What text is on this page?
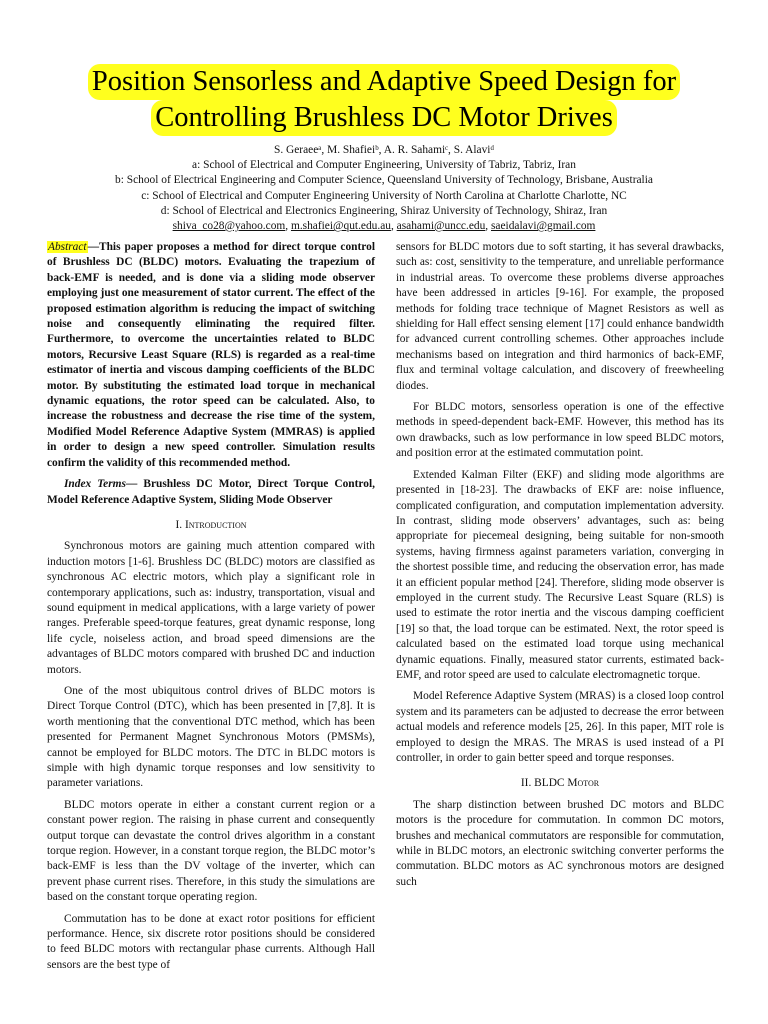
Position Sensorless and Adaptive Speed Design for
Controlling Brushless DC Motor Drives
S. Geraeeᵃ, M. Shafieiᵇ, A. R. Sahamiᶜ, S. Alaviᵈ
a: School of Electrical and Computer Engineering, University of Tabriz, Tabriz, Iran
b: School of Electrical Engineering and Computer Science, Queensland University of Technology, Brisbane, Australia
c: School of Electrical and Computer Engineering University of North Carolina at Charlotte Charlotte, NC
d: School of Electrical and Electronics Engineering, Shiraz University of Technology, Shiraz, Iran
shiva_co28@yahoo.com, m.shafiei@qut.edu.au, asahami@uncc.edu, saeidalavi@gmail.com

Abstract—This paper proposes a method for direct torque control of Brushless DC (BLDC) motors. Evaluating the trapezium of back-EMF is needed, and is done via a sliding mode observer employing just one measurement of stator current. The effect of the proposed estimation algorithm is reducing the impact of switching noise and consequently eliminating the required filter. Furthermore, to overcome the uncertainties related to BLDC motors, Recursive Least Square (RLS) is regarded as a real-time estimator of inertia and viscous damping coefficients of the BLDC motor. By substituting the estimated load torque in mechanical dynamic equations, the rotor speed can be calculated. Also, to increase the robustness and decrease the rise time of the system, Modified Model Reference Adaptive System (MMRAS) is applied in order to design a new speed controller. Simulation results confirm the validity of this recommended method.

Index Terms— Brushless DC Motor, Direct Torque Control, Model Reference Adaptive System, Sliding Mode Observer

I. Introduction

Synchronous motors are gaining much attention compared with induction motors [1-6]. Brushless DC (BLDC) motors are classified as synchronous AC electric motors, which play a significant role in contemporary applications, such as: industry, transportation, visual and sound equipment in medical applications, with a large variety of power ranges. Preferable speed-torque features, great dynamic response, long life cycle, noiseless action, and broad speed dimensions are the advantages of BLDC motors compared with brushed DC and induction motors.

One of the most ubiquitous control drives of BLDC motors is Direct Torque Control (DTC), which has been presented in [7,8]. It is worth mentioning that the conventional DTC method, which has been presented for Permanent Magnet Synchronous Motors (PMSMs), cannot be employed for BLDC motors. The DTC in BLDC motors is simple with high dynamic torque responses and low sensitivity to parameter variations.

BLDC motors operate in either a constant current region or a constant power region. The raising in phase current and consequently output torque can devastate the control drives algorithm in a constant torque region. However, in a constant torque region, the BLDC motor’s back-EMF is less than the DV voltage of the inverter, which can prevent phase current rises. Therefore, in this study the simulations are based on the constant torque operating region.

Commutation has to be done at exact rotor positions for efficient performance. Hence, six discrete rotor positions should be considered to feed BLDC motors with rectangular phase currents. Although Hall sensors are the best type of

sensors for BLDC motors due to soft starting, it has several drawbacks, such as: cost, sensitivity to the temperature, and unreliable performance in industrial areas. To overcome these problems diverse approaches have been addressed in articles [9-16]. For example, the proposed methods for folding trace technique of Magnet Resistors as well as shielding for Hall effect sensing element [17] could enhance bandwidth for advanced current controlling schemes. Other approaches include mechanisms based on integration and third harmonics of back-EMF, flux and terminal voltage calculation, and discovery of freewheeling diodes.

For BLDC motors, sensorless operation is one of the effective methods in speed-dependent back-EMF. However, this method has its own drawbacks, such as low performance in low speed BLDC motors, and position error at the estimated commutation point.

Extended Kalman Filter (EKF) and sliding mode algorithms are presented in [18-23]. The drawbacks of EKF are: noise influence, complicated configuration, and computation implementation adversity. In contrast, sliding mode observers’ advantages, such as: being appropriate for piecemeal designing, being suitable for non-smooth systems, having firmness against parameters variation, converging in the shortest possible time, and reducing the observation error, has made it an efficient popular method [24]. Therefore, sliding mode observer is employed in the current study. The Recursive Least Square (RLS) is used to estimate the rotor inertia and the viscous damping coefficient [19] so that, the load torque can be estimated. Next, the rotor speed is calculated based on the estimated load torque using mechanical dynamic equations. Finally, measured stator currents, estimated back-EMF, and rotor speed are used to calculate electromagnetic torque.

Model Reference Adaptive System (MRAS) is a closed loop control system and its parameters can be adjusted to decrease the error between actual models and reference models [25, 26]. In this paper, MIT role is employed to design the MRAS. The MRAS is used instead of a PI controller, in order to gain better speed and torque responses.

II. BLDC Motor

The sharp distinction between brushed DC motors and BLDC motors is the procedure for commutation. In common DC motors, brushes and mechanical commutators are responsible for commutation, while in BLDC motors, an electronic switching converter performs the commutation. BLDC motors as AC synchronous motors are designed such
